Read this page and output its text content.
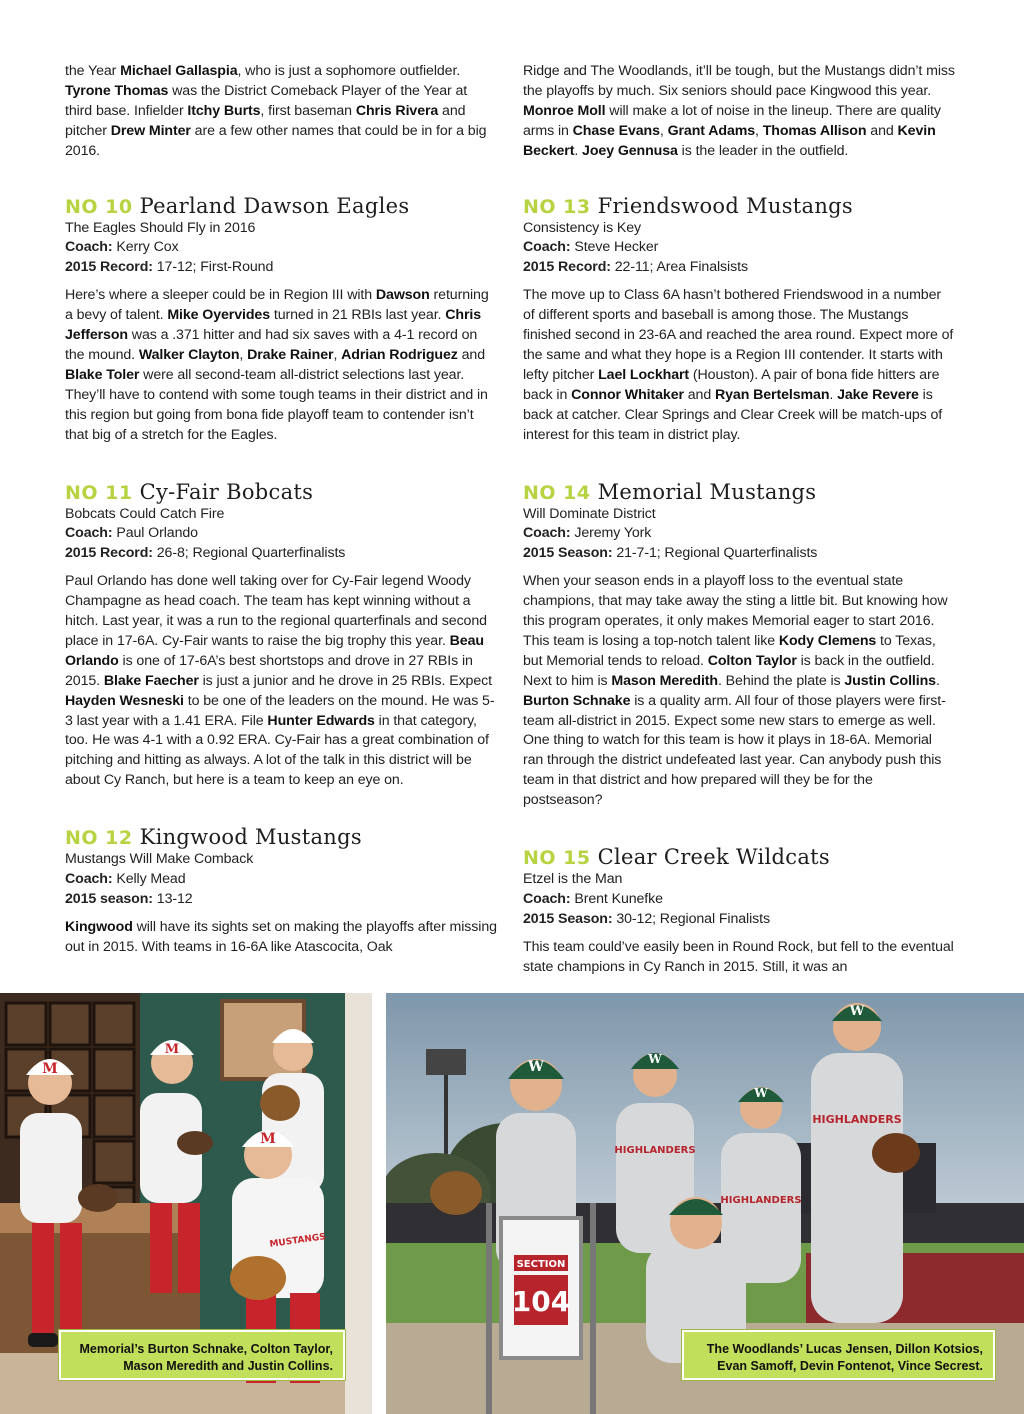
the Year Michael Gallaspia, who is just a sophomore outfielder. Tyrone Thomas was the District Comeback Player of the Year at third base. Infielder Itchy Burts, first baseman Chris Rivera and pitcher Drew Minter are a few other names that could be in for a big 2016.

NO 10 Pearland Dawson Eagles
The Eagles Should Fly in 2016
Coach: Kerry Cox
2015 Record: 17-12; First-Round

Here’s where a sleeper could be in Region III with Dawson returning a bevy of talent. Mike Oyervides turned in 21 RBIs last year. Chris Jefferson was a .371 hitter and had six saves with a 4-1 record on the mound. Walker Clayton, Drake Rainer, Adrian Rodriguez and Blake Toler were all second-team all-district selections last year. They’ll have to contend with some tough teams in their district and in this region but going from bona fide playoff team to contender isn’t that big of a stretch for the Eagles.

NO 11 Cy-Fair Bobcats
Bobcats Could Catch Fire
Coach: Paul Orlando
2015 Record: 26-8; Regional Quarterfinalists

Paul Orlando has done well taking over for Cy-Fair legend Woody Champagne as head coach. The team has kept winning without a hitch. Last year, it was a run to the regional quarterfinals and second place in 17-6A. Cy-Fair wants to raise the big trophy this year. Beau Orlando is one of 17-6A’s best shortstops and drove in 27 RBIs in 2015. Blake Faecher is just a junior and he drove in 25 RBIs. Expect Hayden Wesneski to be one of the leaders on the mound. He was 5-3 last year with a 1.41 ERA. File Hunter Edwards in that category, too. He was 4-1 with a 0.92 ERA. Cy-Fair has a great combination of pitching and hitting as always. A lot of the talk in this district will be about Cy Ranch, but here is a team to keep an eye on.

NO 12 Kingwood Mustangs
Mustangs Will Make Comback
Coach: Kelly Mead
2015 season: 13-12

Kingwood will have its sights set on making the playoffs after missing out in 2015. With teams in 16-6A like Atascocita, Oak

Ridge and The Woodlands, it’ll be tough, but the Mustangs didn’t miss the playoffs by much. Six seniors should pace Kingwood this year. Monroe Moll will make a lot of noise in the lineup. There are quality arms in Chase Evans, Grant Adams, Thomas Allison and Kevin Beckert. Joey Gennusa is the leader in the outfield.

NO 13 Friendswood Mustangs
Consistency is Key
Coach: Steve Hecker
2015 Record: 22-11; Area Finalsists

The move up to Class 6A hasn’t bothered Friendswood in a number of different sports and baseball is among those. The Mustangs finished second in 23-6A and reached the area round. Expect more of the same and what they hope is a Region III contender. It starts with lefty pitcher Lael Lockhart (Houston). A pair of bona fide hitters are back in Connor Whitaker and Ryan Bertelsman. Jake Revere is back at catcher. Clear Springs and Clear Creek will be match-ups of interest for this team in district play.

NO 14 Memorial Mustangs
Will Dominate District
Coach: Jeremy York
2015 Season: 21-7-1; Regional Quarterfinalists

When your season ends in a playoff loss to the eventual state champions, that may take away the sting a little bit. But knowing how this program operates, it only makes Memorial eager to start 2016. This team is losing a top-notch talent like Kody Clemens to Texas, but Memorial tends to reload. Colton Taylor is back in the outfield. Next to him is Mason Meredith. Behind the plate is Justin Collins. Burton Schnake is a quality arm. All four of those players were first-team all-district in 2015. Expect some new stars to emerge as well. One thing to watch for this team is how it plays in 18-6A. Memorial ran through the district undefeated last year. Can anybody push this team in that district and how prepared will they be for the postseason?

NO 15 Clear Creek Wildcats
Etzel is the Man
Coach: Brent Kunefke
2015 Season: 30-12; Regional Finalists

This team could’ve easily been in Round Rock, but fell to the eventual state champions in Cy Ranch in 2015. Still, it was an

M
M
M
MUSTANGS
W	W
HIGHLANDERS
W
HIGHLANDERS
W
HIGHLANDERS
SECTION
104
Memorial’s Burton Schnake, Colton Taylor,
Mason Meredith and Justin Collins.
The Woodlands’ Lucas Jensen, Dillon Kotsios,
Evan Samoff, Devin Fontenot, Vince Secrest.
